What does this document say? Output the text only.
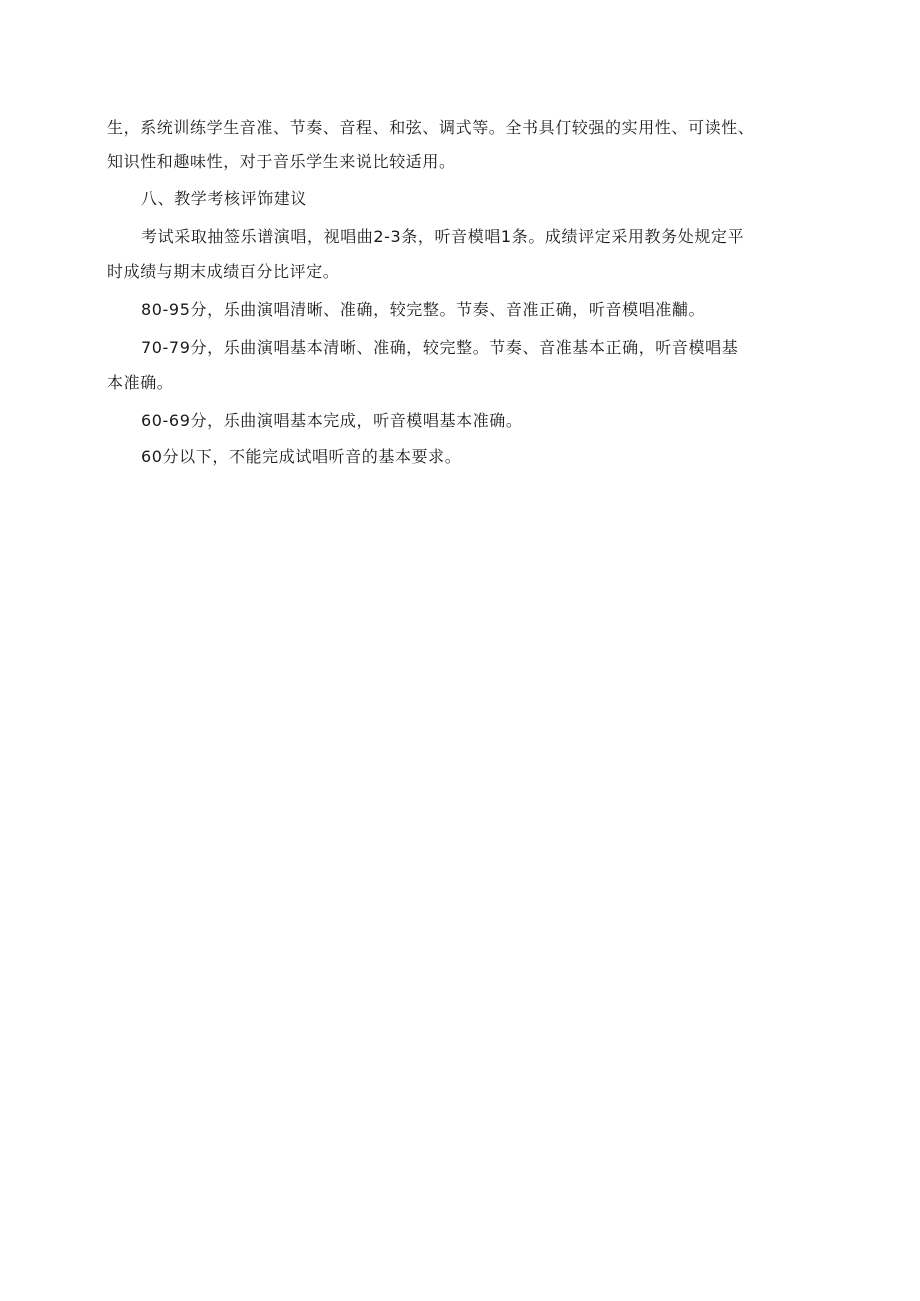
生，系统训练学生音准、节奏、音程、和弦、调式等。全书具仃较强的实用性、可读性、
知识性和趣味性，对于音乐学生来说比较适用。
八、教学考核评饰建议
考试采取抽签乐谱演唱，视唱曲2-3条，听音模唱1条。成绩评定采用教务处规定平
时成绩与期末成绩百分比评定。
80-95分，乐曲演唱清晰、准确，较完整。节奏、音准正确，听音模唱准黼。
70-79分，乐曲演唱基本清晰、准确，较完整。节奏、音准基本正确，听音模唱基
本准确。
60-69分，乐曲演唱基本完成，听音模唱基本准确。
60分以下，不能完成试唱听音的基本要求。
